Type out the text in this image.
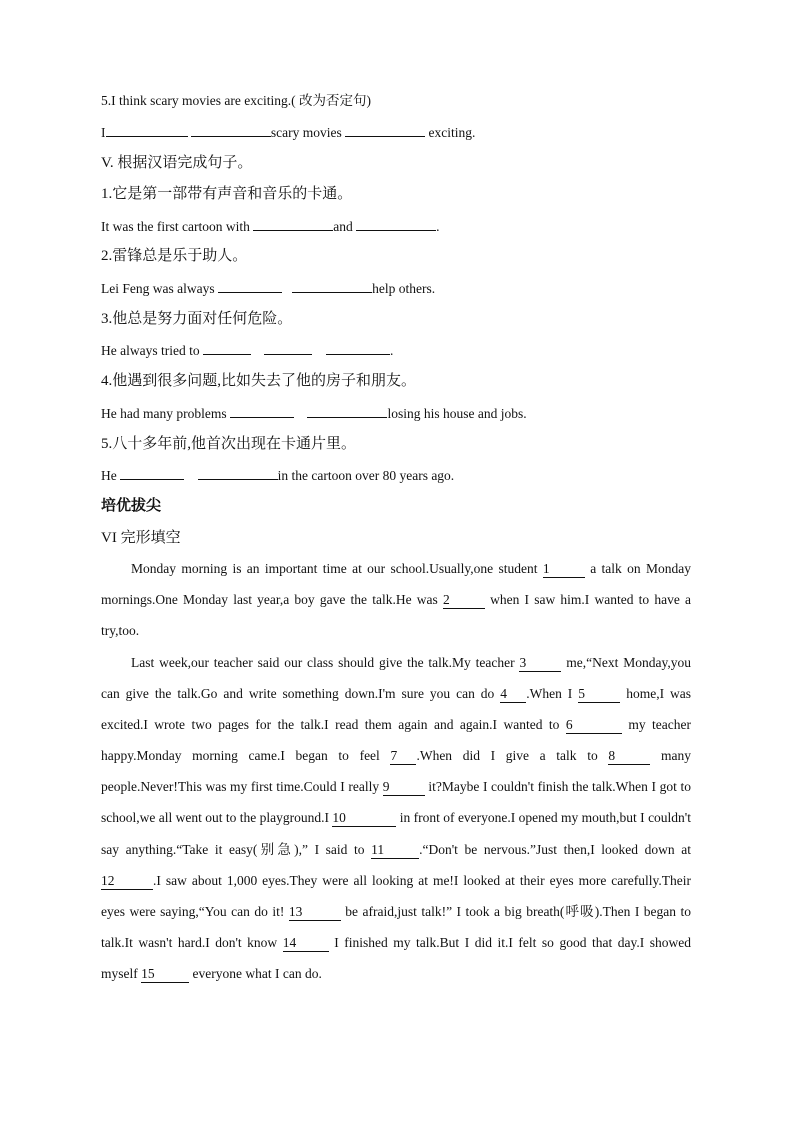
5.I think scary movies are exciting.( 改为否定句)
I	scary movies	exciting.
V. 根据汉语完成句子。
1.它是第一部带有声音和音乐的卡通。
It was the first cartoon with	and	.
2.雷锋总是乐于助人。
Lei Feng was always	help others.
3.他总是努力面对任何危险。
He always tried to	.
4.他遇到很多问题,比如失去了他的房子和朋友。
He had many problems	losing his house and jobs.
5.八十多年前,他首次出现在卡通片里。
He	in the cartoon over 80 years ago.
培优拔尖
VI 完形填空
Monday morning is an important time at our school.Usually,one student 1	a talk on Monday mornings.One Monday last year,a boy gave the talk.He was 2	when I saw him.I wanted to have a try,too.
Last week,our teacher said our class should give the talk.My teacher 3	me,“Next Monday,you can give the talk.Go and write something down.I'm sure you can do 4 .When I 5	home,I was excited.I wrote two pages for the talk.I read them again and again.I wanted to 6	my teacher happy.Monday morning came.I began to feel 7 .When did I give a talk to 8	many people.Never!This was my first time.Could I really 9	it?Maybe I couldn't finish the talk.When I got to school,we all went out to the playground.I 10	in front of everyone.I opened my mouth,but I couldn't say anything.“Take it easy(别急),” I said to 11	.“Don't be nervous.”Just then,I looked down at 12	.I saw about 1,000 eyes.They were all looking at me!I looked at their eyes more carefully.Their eyes were saying,“You can do it! 13	be afraid,just talk!” I took a big breath(呼吸).Then I began to talk.It wasn't hard.I don't know 14 I finished my talk.But I did it.I felt so good that day.I showed myself 15	everyone what I can do.
